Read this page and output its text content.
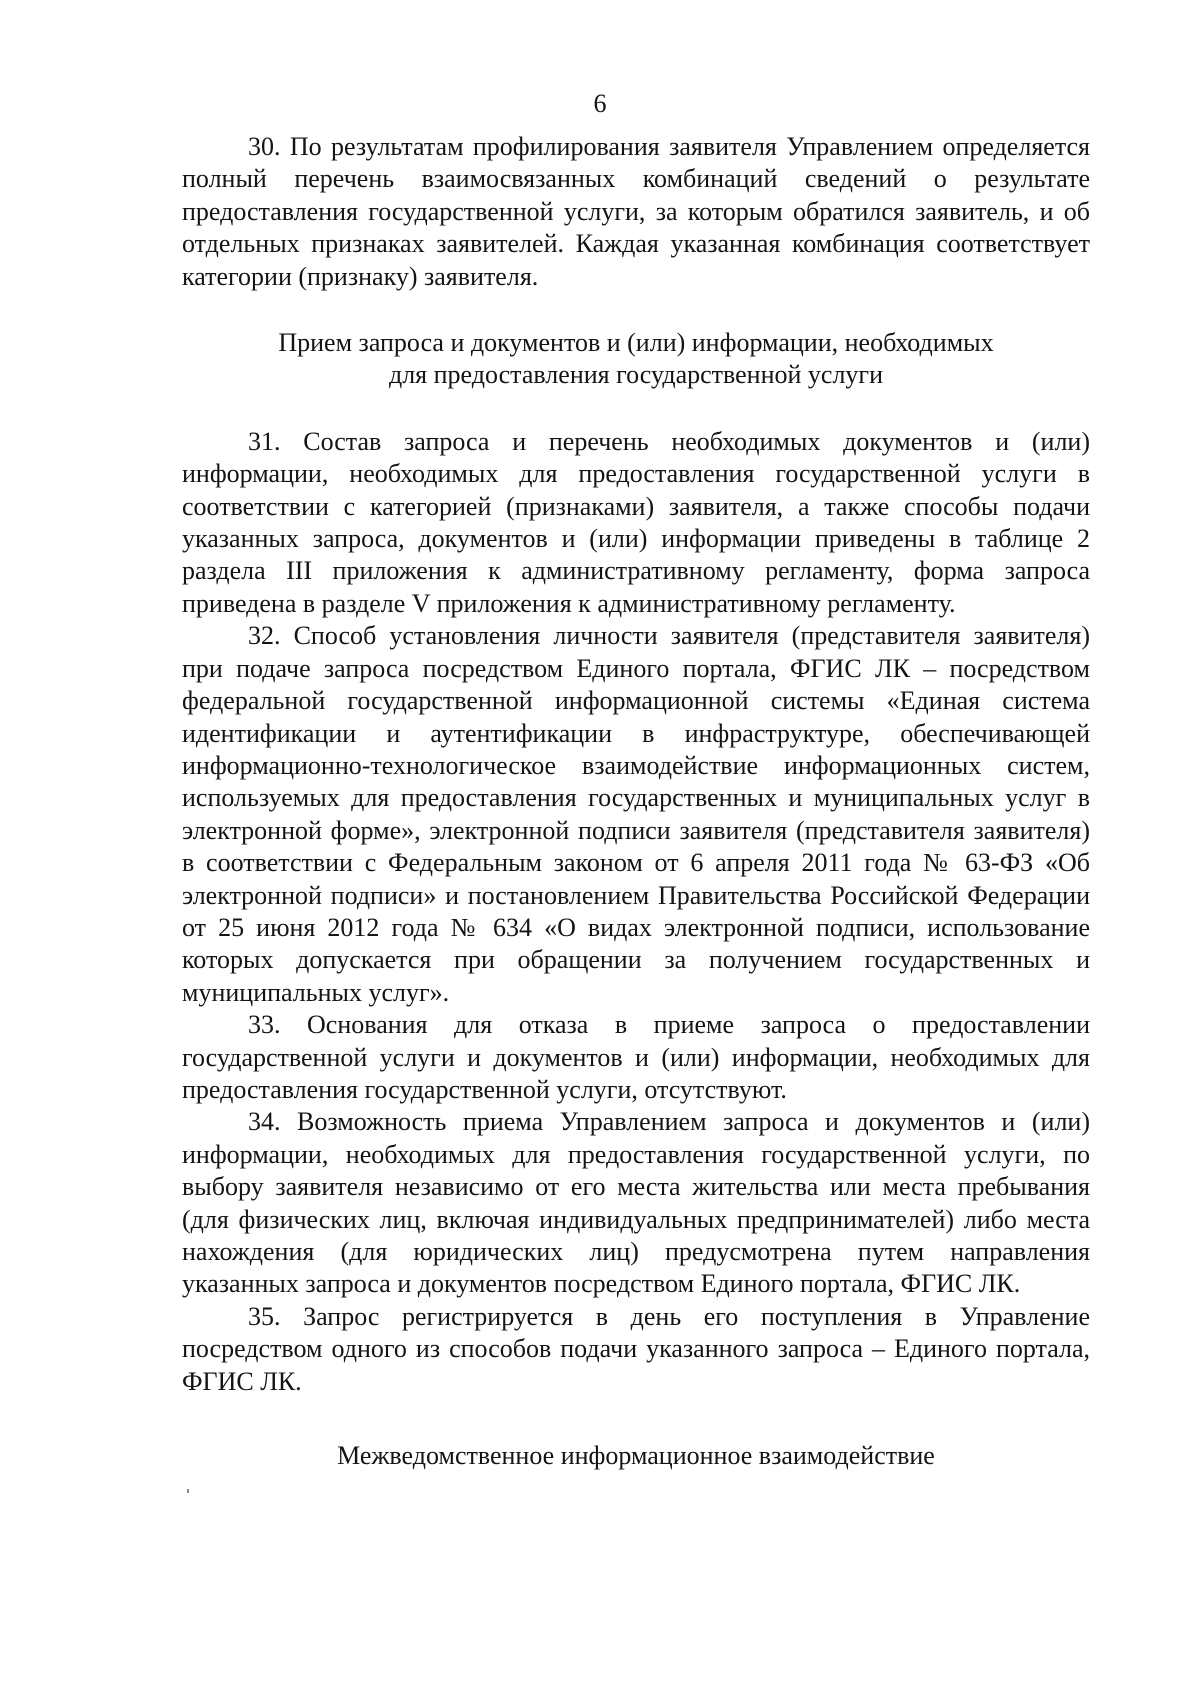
6

30. По результатам профилирования заявителя Управлением определяется полный перечень взаимосвязанных комбинаций сведений о результате предоставления государственной услуги, за которым обратился заявитель, и об отдельных признаках заявителей. Каждая указанная комбинация соответствует категории (признаку) заявителя.

Прием запроса и документов и (или) информации, необходимых
для предоставления государственной услуги

31. Состав запроса и перечень необходимых документов и (или) информации, необходимых для предоставления государственной услуги в соответствии с категорией (признаками) заявителя, а также способы подачи указанных запроса, документов и (или) информации приведены в таблице 2 раздела III приложения к административному регламенту, форма запроса приведена в разделе V приложения к административному регламенту.

32. Способ установления личности заявителя (представителя заявителя) при подаче запроса посредством Единого портала, ФГИС ЛК – посредством федеральной государственной информационной системы «Единая система идентификации и аутентификации в инфраструктуре, обеспечивающей информационно-технологическое взаимодействие информационных систем, используемых для предоставления государственных и муниципальных услуг в электронной форме», электронной подписи заявителя (представителя заявителя) в соответствии с Федеральным законом от 6 апреля 2011 года № 63-ФЗ «Об электронной подписи» и постановлением Правительства Российской Федерации от 25 июня 2012 года № 634 «О видах электронной подписи, использование которых допускается при обращении за получением государственных и муниципальных услуг».

33. Основания для отказа в приеме запроса о предоставлении государственной услуги и документов и (или) информации, необходимых для предоставления государственной услуги, отсутствуют.

34. Возможность приема Управлением запроса и документов и (или) информации, необходимых для предоставления государственной услуги, по выбору заявителя независимо от его места жительства или места пребывания (для физических лиц, включая индивидуальных предпринимателей) либо места нахождения (для юридических лиц) предусмотрена путем направления указанных запроса и документов посредством Единого портала, ФГИС ЛК.

35. Запрос регистрируется в день его поступления в Управление посредством одного из способов подачи указанного запроса – Единого портала, ФГИС ЛК.

Межведомственное информационное взаимодействие
